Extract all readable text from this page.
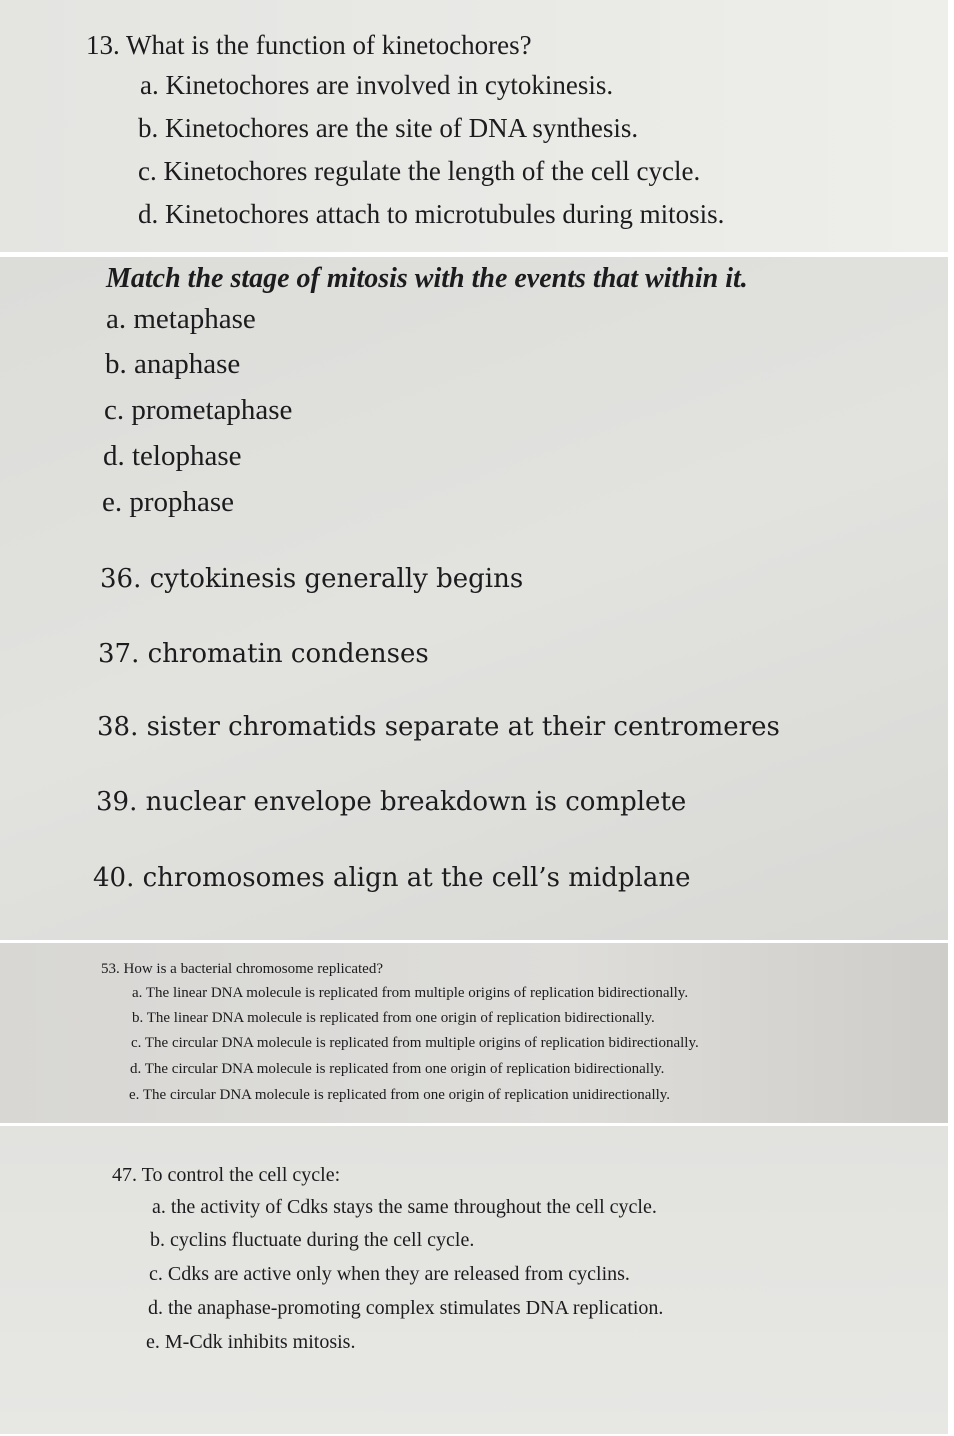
13. What is the function of kinetochores?
a. Kinetochores are involved in cytokinesis.
b. Kinetochores are the site of DNA synthesis.
c. Kinetochores regulate the length of the cell cycle.
d. Kinetochores attach to microtubules during mitosis.
Match the stage of mitosis with the events that within it.
a. metaphase
b. anaphase
c. prometaphase
d. telophase
e. prophase
36. cytokinesis generally begins
37. chromatin condenses
38. sister chromatids separate at their centromeres
39. nuclear envelope breakdown is complete
40. chromosomes align at the cell’s midplane
53. How is a bacterial chromosome replicated?
a. The linear DNA molecule is replicated from multiple origins of replication bidirectionally.
b. The linear DNA molecule is replicated from one origin of replication bidirectionally.
c. The circular DNA molecule is replicated from multiple origins of replication bidirectionally.
d. The circular DNA molecule is replicated from one origin of replication bidirectionally.
e. The circular DNA molecule is replicated from one origin of replication unidirectionally.
47. To control the cell cycle:
a. the activity of Cdks stays the same throughout the cell cycle.
b. cyclins fluctuate during the cell cycle.
c. Cdks are active only when they are released from cyclins.
d. the anaphase-promoting complex stimulates DNA replication.
e. M-Cdk inhibits mitosis.
